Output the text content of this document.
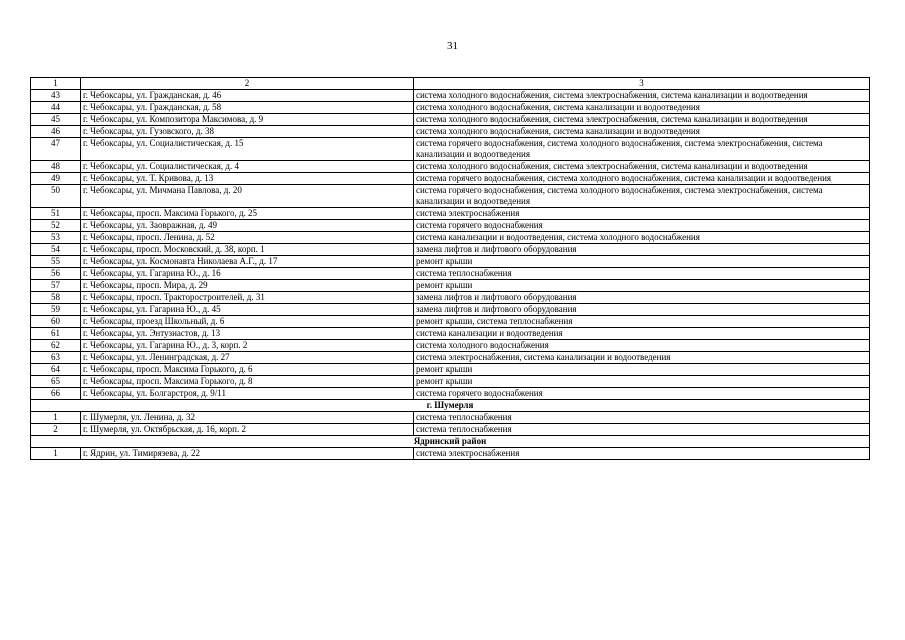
31
1	2	3
43	г. Чебоксары, ул. Гражданская, д. 46	система холодного водоснабжения, система электроснабжения, система канализации и водоотведения
44	г. Чебоксары, ул. Гражданская, д. 58	система холодного водоснабжения, система канализации и водоотведения
45	г. Чебоксары, ул. Композитора Максимова, д. 9	система холодного водоснабжения, система электроснабжения, система канализации и водоотведения
46	г. Чебоксары, ул. Гузовского, д. 38	система холодного водоснабжения, система канализации и водоотведения
47	г. Чебоксары, ул. Социалистическая, д. 15	система горячего водоснабжения, система холодного водоснабжения, система электроснабжения, система канализации и водоотведения
48	г. Чебоксары, ул. Социалистическая, д. 4	система холодного водоснабжения, система электроснабжения, система канализации и водоотведения
49	г. Чебоксары, ул. Т. Кривова, д. 13	система горячего водоснабжения, система холодного водоснабжения, система канализации и водоотведения
50	г. Чебоксары, ул. Мичмана Павлова, д. 20	система горячего водоснабжения, система холодного водоснабжения, система электроснабжения, система канализации и водоотведения
51	г. Чебоксары, просп. Максима Горького, д. 25	система электроснабжения
52	г. Чебоксары, ул. Заовражная, д. 49	система горячего водоснабжения
53	г. Чебоксары, просп. Ленина, д. 52	система канализации и водоотведения, система холодного водоснабжения
54	г. Чебоксары, просп. Московский, д. 38, корп. 1	замена лифтов и лифтового оборудования
55	г. Чебоксары, ул. Космонавта Николаева А.Г., д. 17	ремонт крыши
56	г. Чебоксары, ул. Гагарина Ю., д. 16	система теплоснабжения
57	г. Чебоксары, просп. Мира, д. 29	ремонт крыши
58	г. Чебоксары, просп. Тракторостроителей, д. 31	замена лифтов и лифтового оборудования
59	г. Чебоксары, ул. Гагарина Ю., д. 45	замена лифтов и лифтового оборудования
60	г. Чебоксары, проезд Школьный, д. 6	ремонт крыши, система теплоснабжения
61	г. Чебоксары, ул. Энтузиастов, д. 13	система канализации и водоотведения
62	г. Чебоксары, ул. Гагарина Ю., д. 3, корп. 2	система холодного водоснабжения
63	г. Чебоксары, ул. Ленинградская, д. 27	система электроснабжения, система канализации и водоотведения
64	г. Чебоксары, просп. Максима Горького, д. 6	ремонт крыши
65	г. Чебоксары, просп. Максима Горького, д. 8	ремонт крыши
66	г. Чебоксары, ул. Болгарстроя, д. 9/11	система горячего водоснабжения
г. Шумерля		
1	г. Шумерля, ул. Ленина, д. 32	система теплоснабжения
2	г. Шумерля, ул. Октябрьская, д. 16, корп. 2	система теплоснабжения
Ядринский район		
1	г. Ядрин, ул. Тимирязева, д. 22	система электроснабжения
